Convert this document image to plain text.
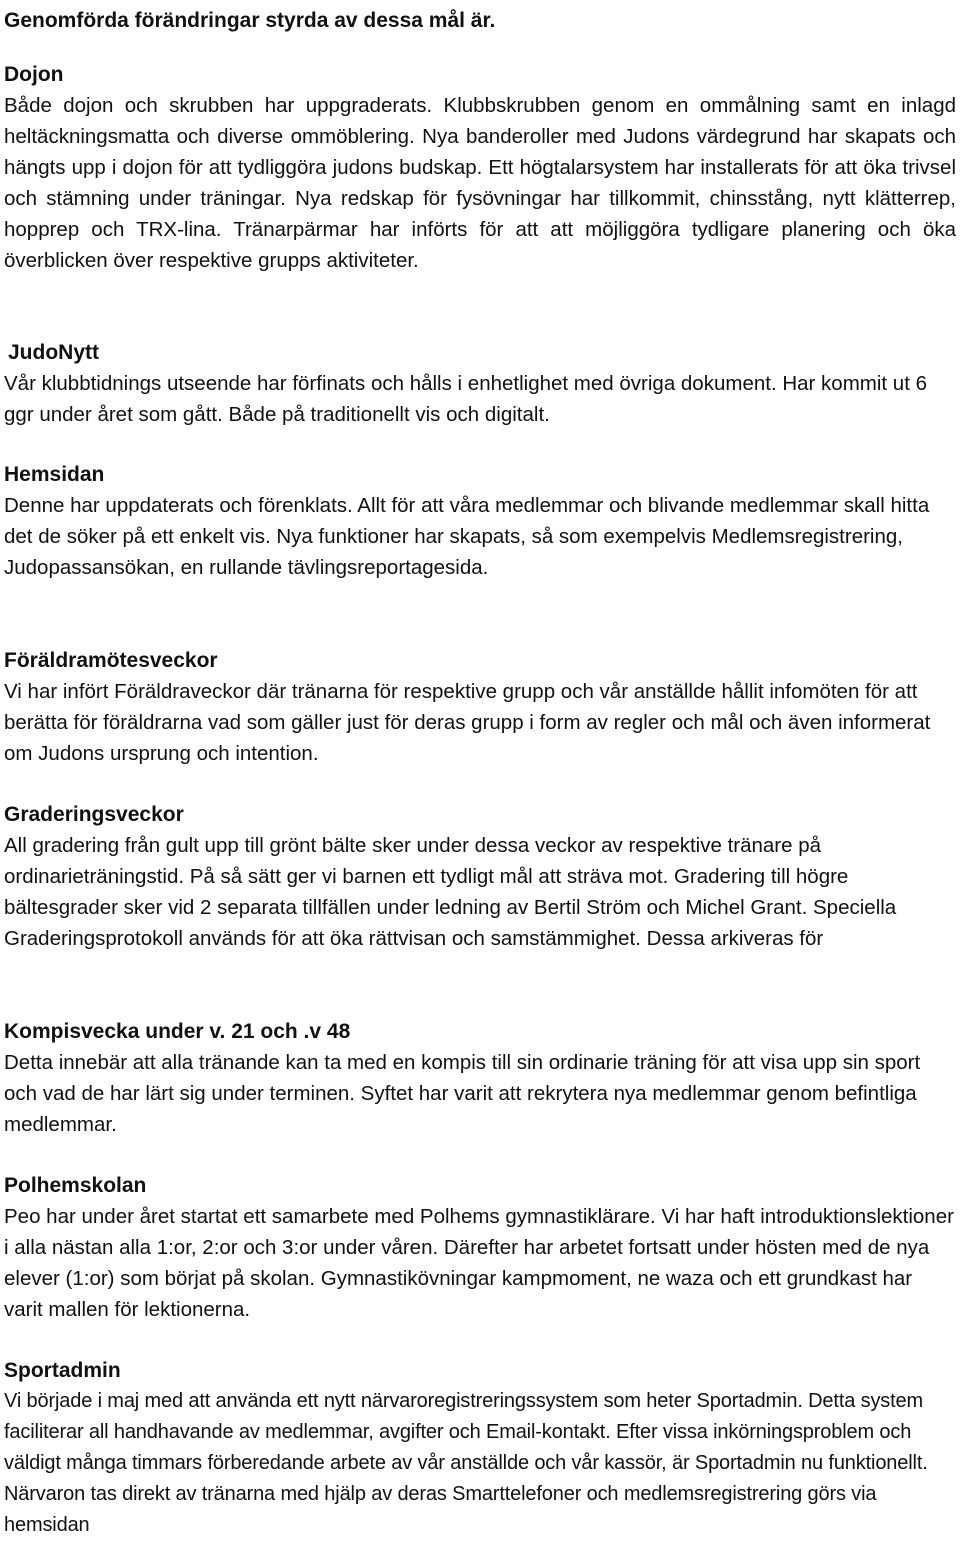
Genomförda förändringar styrda av dessa mål är.
Dojon

Både dojon och skrubben har uppgraderats. Klubbskrubben genom en ommålning samt en inlagd heltäckningsmatta och diverse ommöblering. Nya banderoller med Judons värdegrund har skapats och hängts upp i dojon för att tydliggöra judons budskap. Ett högtalarsystem har installerats för att öka trivsel och stämning under träningar. Nya redskap för fysövningar har tillkommit, chinsstång, nytt klätterrep, hopprep och TRX-lina. Tränarpärmar har införts för att att möjliggöra tydligare planering och öka överblicken över respektive grupps aktiviteter.

JudoNytt

Vår klubbtidnings utseende har förfinats och hålls i enhetlighet med övriga dokument. Har kommit ut 6 ggr under året som gått. Både på traditionellt vis och digitalt.

Hemsidan

Denne har uppdaterats och förenklats. Allt för att våra medlemmar och blivande medlemmar skall hitta det de söker på ett enkelt vis. Nya funktioner har skapats, så som exempelvis Medlemsregistrering, Judopassansökan, en rullande tävlingsreportagesida.

Föräldramötesveckor

Vi har infört Föräldraveckor där tränarna för respektive grupp och vår anställde hållit infomöten för att berätta för föräldrarna vad som gäller just för deras grupp i form av regler och mål och även informerat om Judons ursprung och intention.

Graderingsveckor

All gradering från gult upp till grönt bälte sker under dessa veckor av respektive tränare på ordinarieträningstid. På så sätt ger vi barnen ett tydligt mål att sträva mot. Gradering till högre bältesgrader sker vid 2 separata tillfällen under ledning av Bertil Ström och Michel Grant. Speciella Graderingsprotokoll används för att öka rättvisan och samstämmighet. Dessa arkiveras för

Kompisvecka under v. 21 och .v 48

Detta innebär att alla tränande kan ta med en kompis till sin ordinarie träning för att visa upp sin sport och vad de har lärt sig under terminen. Syftet har varit att rekrytera nya medlemmar genom befintliga medlemmar.

Polhemskolan

Peo har under året startat ett samarbete med Polhems gymnastiklärare. Vi har haft introduktionslektioner i alla nästan alla 1:or, 2:or och 3:or under våren. Därefter har arbetet fortsatt under hösten med de nya elever (1:or) som börjat på skolan. Gymnastikövningar kampmoment, ne waza och ett grundkast har varit mallen för lektionerna.

Sportadmin

Vi började i maj med att använda ett nytt närvaroregistreringssystem som heter Sportadmin. Detta system faciliterar all handhavande av medlemmar, avgifter och Email-kontakt. Efter vissa inkörningsproblem och väldigt många timmars förberedande arbete av vår anställde och vår kassör, är Sportadmin nu funktionellt. Närvaron tas direkt av tränarna med hjälp av deras Smarttelefoner och medlemsregistrering görs via hemsidan
